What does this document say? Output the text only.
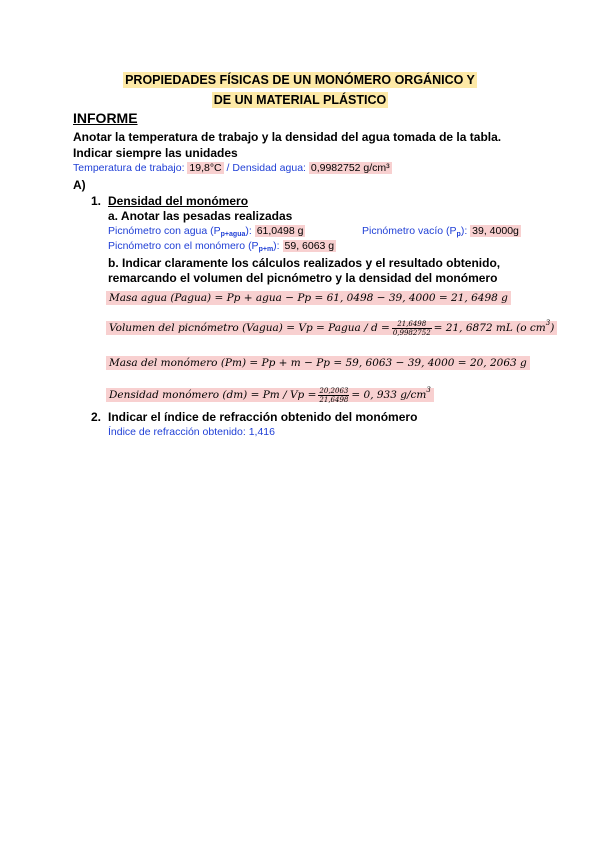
PROPIEDADES FÍSICAS DE UN MONÓMERO ORGÁNICO Y
DE UN MATERIAL PLÁSTICO
INFORME
Anotar la temperatura de trabajo y la densidad del agua tomada de la tabla.
Indicar siempre las unidades
Temperatura de trabajo: 19,8°C / Densidad agua: 0,9982752 g/cm³
A)
1. Densidad del monómero
a. Anotar las pesadas realizadas
Picnómetro con agua $(P_{p+agua})$: 61,0498 g	Picnómetro vacío $(P_p)$: 39, 4000g
Picnómetro con el monómero $(P_{p+m})$: 59, 6063 g
b. Indicar claramente los cálculos realizados y el resultado obtenido,
remarcando el volumen del picnómetro y la densidad del monómero
Masa agua (Pagua) = Pp + agua − Pp = 61, 0498 − 39, 4000 = 21, 6498 g
Volumen del picnómetro (Vagua) = Vp = Pagua / $d = \frac{21,6498}{0,9982752} = 21$, 6872 mL (o $cm^3$)
Masa del monómero (Pm) = Pp + m − Pp = 59, 6063 − 39, 4000 = 20, 2063 g
Densidad monómero $(dm) = Pm / Vp = \frac{20,2063}{21,6498} = 0$, 933 $g/cm^3$
2. Indicar el índice de refracción obtenido del monómero
Índice de refracción obtenido: 1,416
